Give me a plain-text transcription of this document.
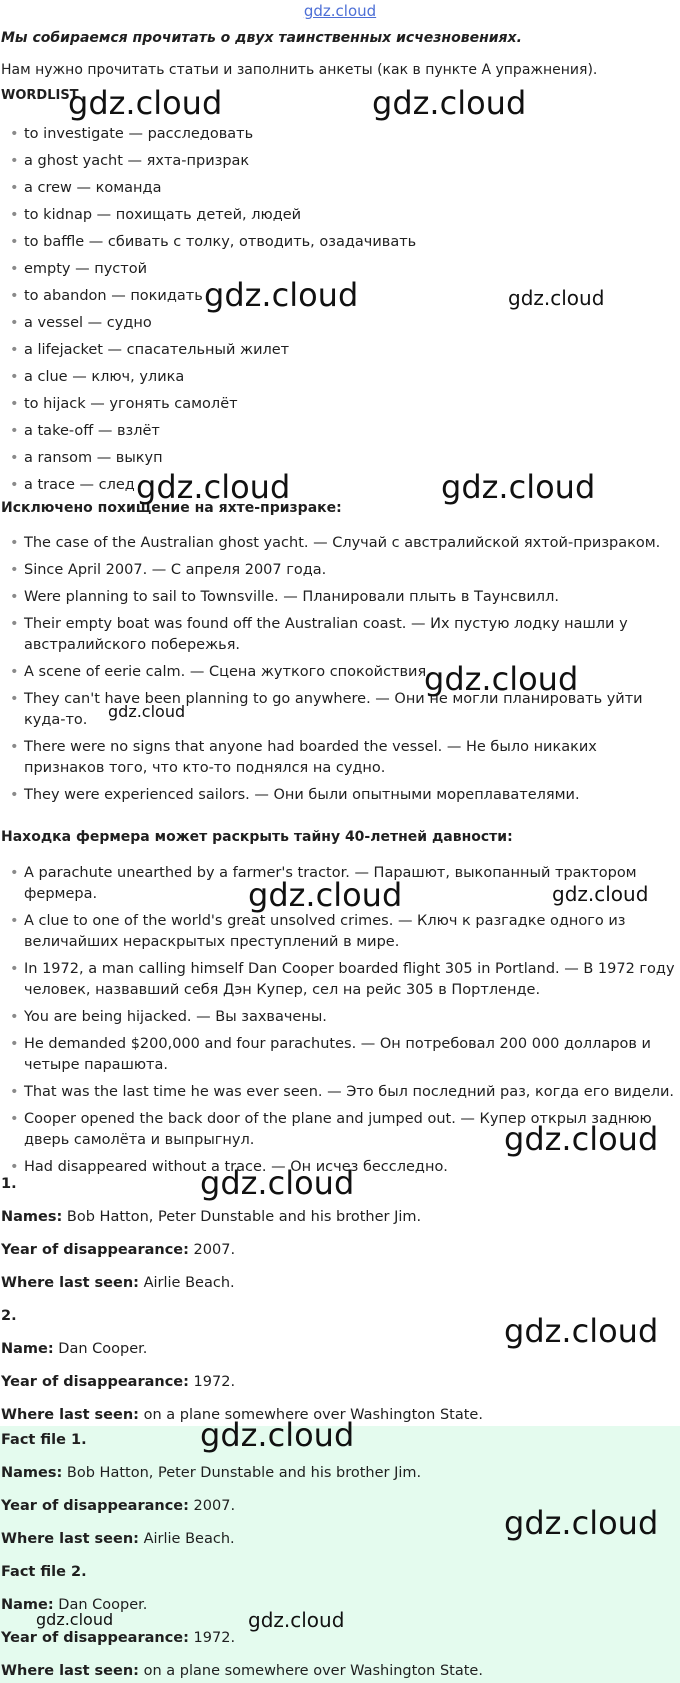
gdz.cloud
Мы собираемся прочитать о двух таинственных исчезновениях.
Нам нужно прочитать статьи и заполнить анкеты (как в пункте A упражнения).
WORDLIST
• to investigate — расследовать
• a ghost yacht — яхта-призрак
• a crew — команда
• to kidnap — похищать детей, людей
• to baffle — сбивать с толку, отводить, озадачивать
• empty — пустой
• to abandon — покидать
• a vessel — судно
• a lifejacket — спасательный жилет
• a clue — ключ, улика
• to hijack — угонять самолёт
• a take-off — взлёт
• a ransom — выкуп
• a trace — след
Исключено похищение на яхте-призраке:
• The case of the Australian ghost yacht. — Случай с австралийской яхтой-призраком.
• Since April 2007. — С апреля 2007 года.
• Were planning to sail to Townsville. — Планировали плыть в Таунсвилл.
• Their empty boat was found off the Australian coast. — Их пустую лодку нашли у австралийского побережья.
• A scene of eerie calm. — Сцена жуткого спокойствия.
• They can't have been planning to go anywhere. — Они не могли планировать уйти куда-то.
• There were no signs that anyone had boarded the vessel. — Не было никаких признаков того, что кто-то поднялся на судно.
• They were experienced sailors. — Они были опытными мореплавателями.
Находка фермера может раскрыть тайну 40-летней давности:
• A parachute unearthed by a farmer's tractor. — Парашют, выкопанный трактором фермера.
• A clue to one of the world's great unsolved crimes. — Ключ к разгадке одного из величайших нераскрытых преступлений в мире.
• In 1972, a man calling himself Dan Cooper boarded flight 305 in Portland. — В 1972 году человек, назвавший себя Дэн Купер, сел на рейс 305 в Портленде.
• You are being hijacked. — Вы захвачены.
• He demanded $200,000 and four parachutes. — Он потребовал 200 000 долларов и четыре парашюта.
• That was the last time he was ever seen. — Это был последний раз, когда его видели.
• Cooper opened the back door of the plane and jumped out. — Купер открыл заднюю дверь самолёта и выпрыгнул.
• Had disappeared without a trace. — Он исчез бесследно.
1.
Names: Bob Hatton, Peter Dunstable and his brother Jim.
Year of disappearance: 2007.
Where last seen: Airlie Beach.
2.
Name: Dan Cooper.
Year of disappearance: 1972.
Where last seen: on a plane somewhere over Washington State.
Fact file 1.
Names: Bob Hatton, Peter Dunstable and his brother Jim.
Year of disappearance: 2007.
Where last seen: Airlie Beach.
Fact file 2.
Name: Dan Cooper.
Year of disappearance: 1972.
Where last seen: on a plane somewhere over Washington State.
gdz.cloud	gdz.cloud
gdz.cloud	gdz.cloud
gdz.cloud	gdz.cloud
gdz.cloud
gdz.cloud
gdz.cloud	gdz.cloud
gdz.cloud
gdz.cloud
gdz.cloud
gdz.cloud
gdz.cloud
gdz.cloud	gdz.cloud
